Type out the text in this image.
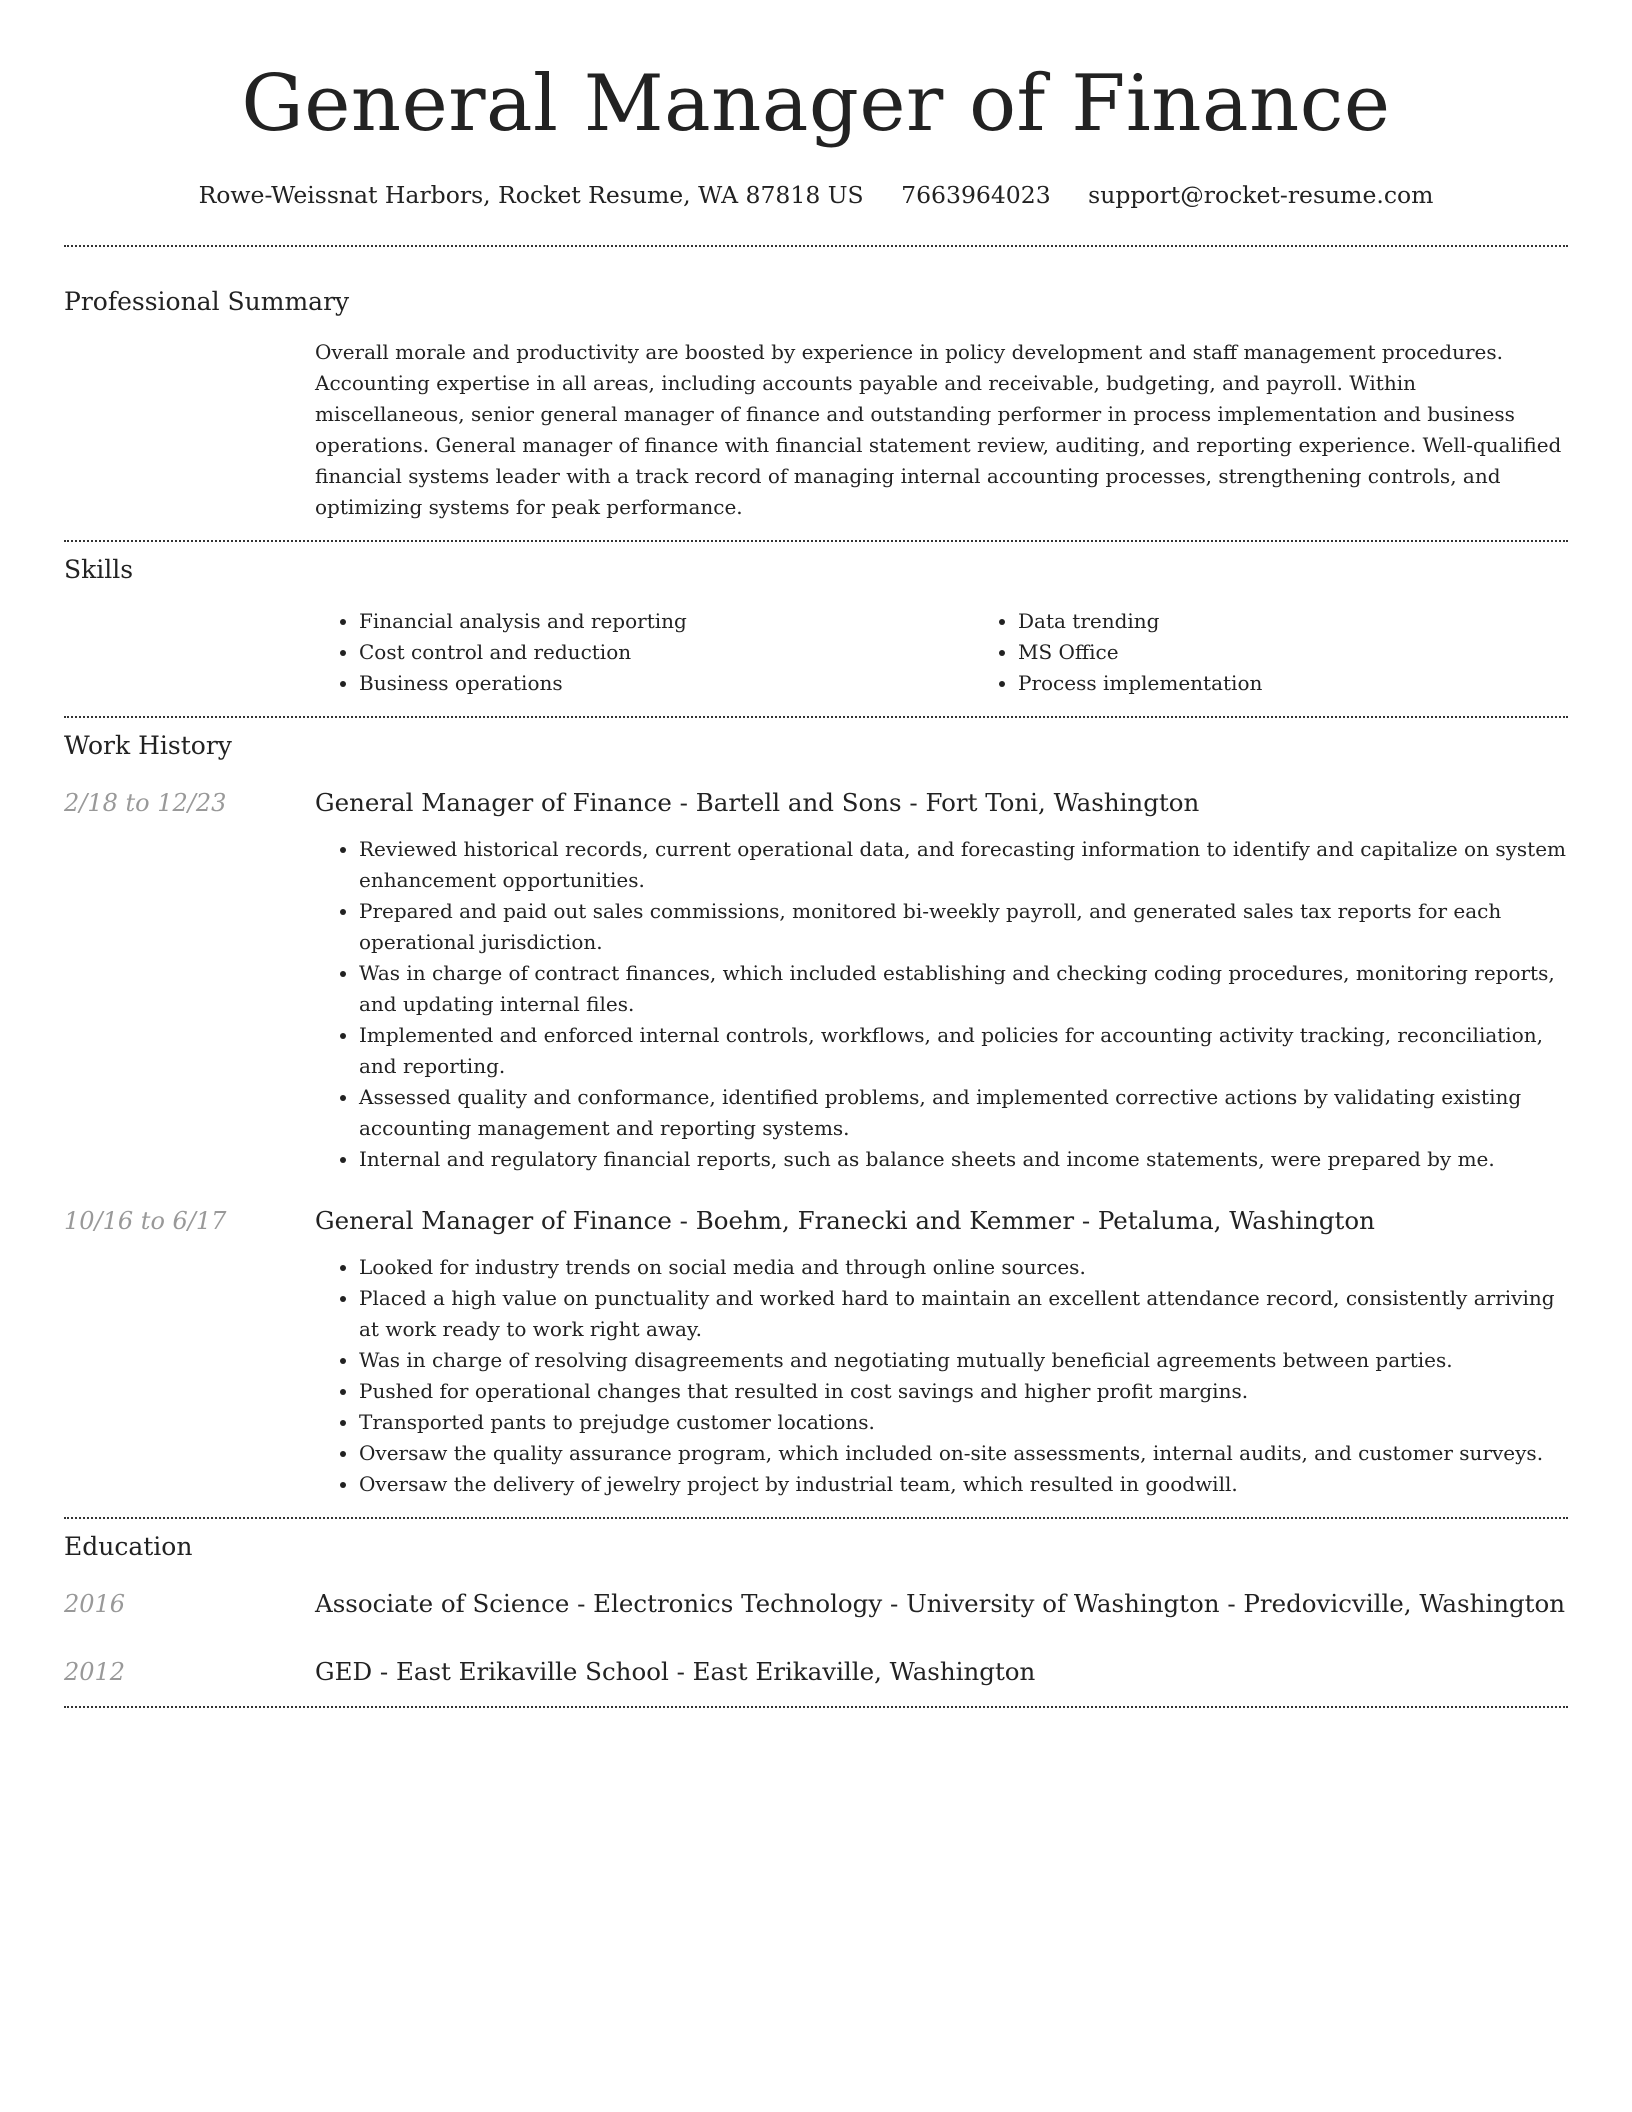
General Manager of Finance
Rowe-Weissnat Harbors, Rocket Resume, WA 87818 US 7663964023 support@rocket-resume.com
Professional Summary

Overall morale and productivity are boosted by experience in policy development and staff management procedures. Accounting expertise in all areas, including accounts payable and receivable, budgeting, and payroll. Within miscellaneous, senior general manager of finance and outstanding performer in process implementation and business operations. General manager of finance with financial statement review, auditing, and reporting experience. Well-qualified financial systems leader with a track record of managing internal accounting processes, strengthening controls, and optimizing systems for peak performance.

Skills
• Financial analysis and reporting
• Cost control and reduction
• Business operations
• Data trending
• MS Office
• Process implementation
Work History
2/18 to 12/23	General Manager of Finance - Bartell and Sons - Fort Toni, Washington
• Reviewed historical records, current operational data, and forecasting information to identify and capitalize on system enhancement opportunities.
• Prepared and paid out sales commissions, monitored bi-weekly payroll, and generated sales tax reports for each operational jurisdiction.
• Was in charge of contract finances, which included establishing and checking coding procedures, monitoring reports, and updating internal files.
• Implemented and enforced internal controls, workflows, and policies for accounting activity tracking, reconciliation, and reporting.
• Assessed quality and conformance, identified problems, and implemented corrective actions by validating existing accounting management and reporting systems.
• Internal and regulatory financial reports, such as balance sheets and income statements, were prepared by me.
10/16 to 6/17	General Manager of Finance - Boehm, Franecki and Kemmer - Petaluma, Washington
• Looked for industry trends on social media and through online sources.
• Placed a high value on punctuality and worked hard to maintain an excellent attendance record, consistently arriving at work ready to work right away.
• Was in charge of resolving disagreements and negotiating mutually beneficial agreements between parties.
• Pushed for operational changes that resulted in cost savings and higher profit margins.
• Transported pants to prejudge customer locations.
• Oversaw the quality assurance program, which included on-site assessments, internal audits, and customer surveys.
• Oversaw the delivery of jewelry project by industrial team, which resulted in goodwill.
Education
2016	Associate of Science - Electronics Technology - University of Washington - Predovicville, Washington
2012	GED - East Erikaville School - East Erikaville, Washington
